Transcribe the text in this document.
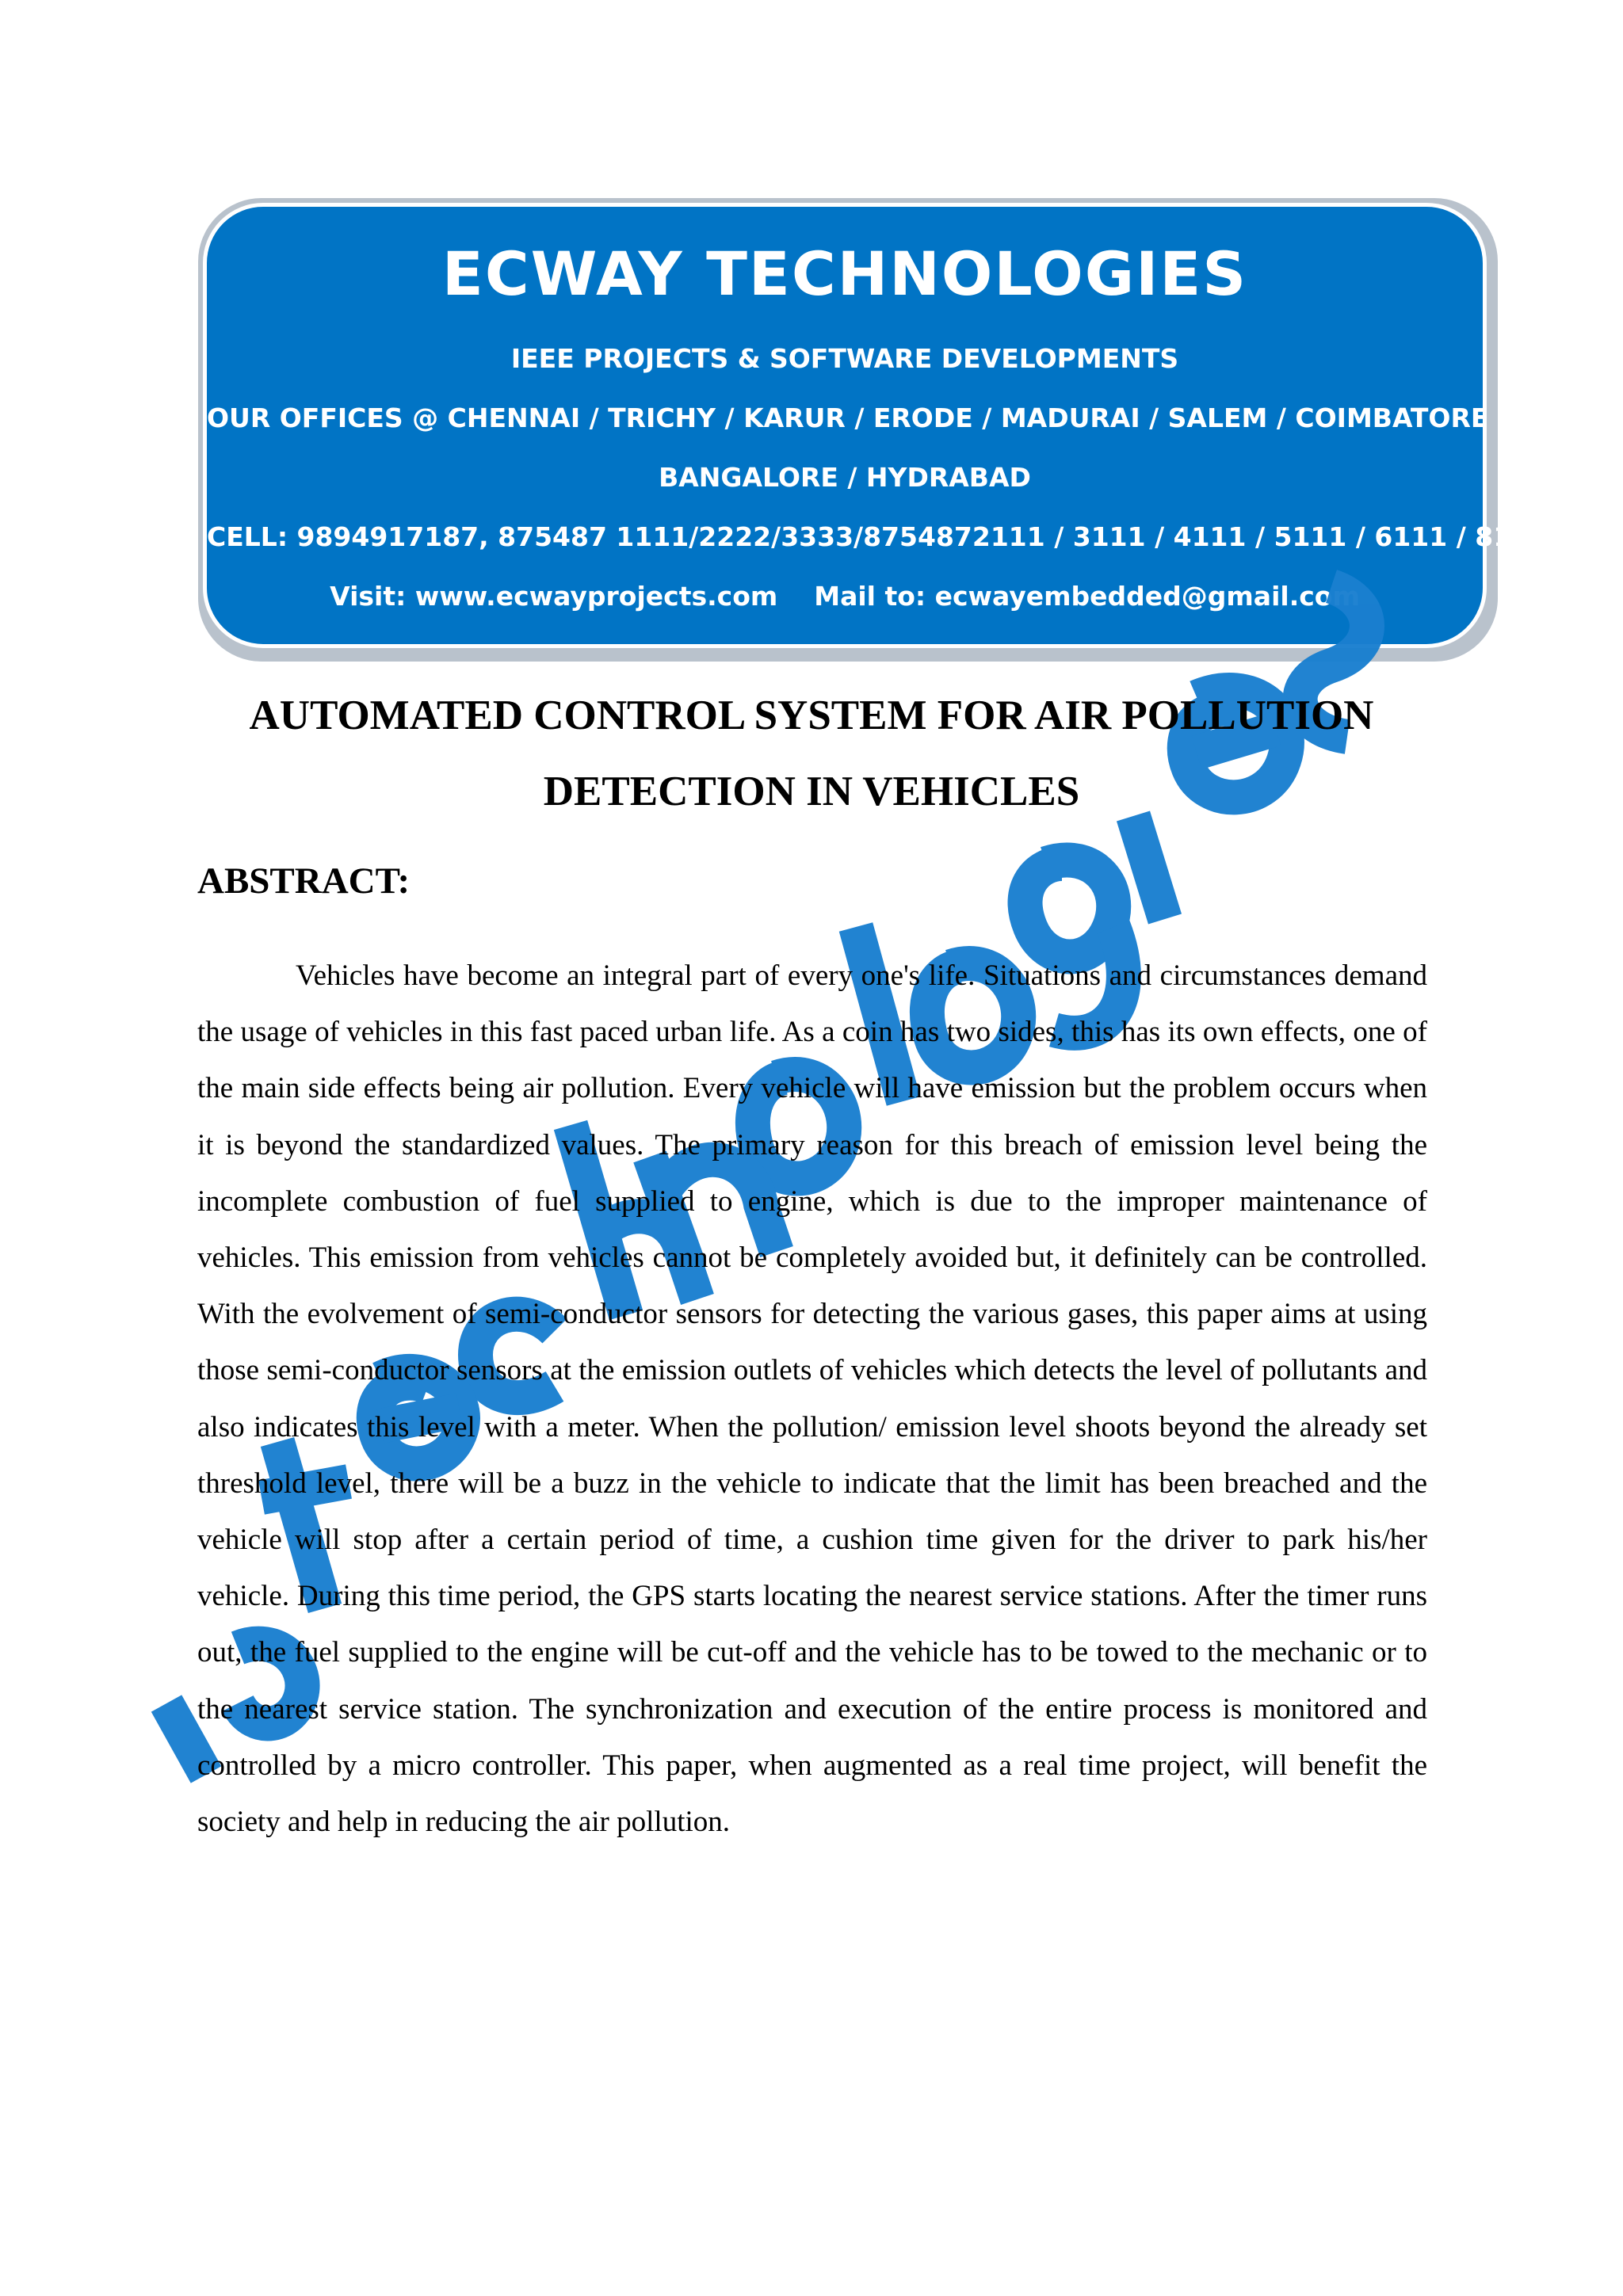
ECWAY TECHNOLOGIES
IEEE PROJECTS & SOFTWARE DEVELOPMENTS
OUR OFFICES @ CHENNAI / TRICHY / KARUR / ERODE / MADURAI / SALEM / COIMBATORE
BANGALORE / HYDRABAD
CELL: 9894917187, 875487 1111/2222/3333/8754872111 / 3111 / 4111 / 5111 / 6111 / 8111
Visit: www.ecwayprojects.com    Mail to: ecwayembedded@gmail.com
AUTOMATED CONTROL SYSTEM FOR AIR POLLUTION
DETECTION IN VEHICLES
ABSTRACT:

Vehicles have become an integral part of every one's life. Situations and circumstances demand the usage of vehicles in this fast paced urban life. As a coin has two sides, this has its own effects, one of the main side effects being air pollution. Every vehicle will have emission but the problem occurs when it is beyond the standardized values. The primary reason for this breach of emission level being the incomplete combustion of fuel supplied to engine, which is due to the improper maintenance of vehicles. This emission from vehicles cannot be completely avoided but, it definitely can be controlled. With the evolvement of semi-conductor sensors for detecting the various gases, this paper aims at using those semi-conductor sensors at the emission outlets of vehicles which detects the level of pollutants and also indicates this level with a meter. When the pollution/ emission level shoots beyond the already set threshold level, there will be a buzz in the vehicle to indicate that the limit has been breached and the vehicle will stop after a certain period of time, a cushion time given for the driver to park his/her vehicle. During this time period, the GPS starts locating the nearest service stations. After the timer runs out, the fuel supplied to the engine will be cut-off and the vehicle has to be towed to the mechanic or to the nearest service station. The synchronization and execution of the entire process is monitored and controlled by a micro controller. This paper, when augmented as a real time project, will benefit the society and help in reducing the air pollution.
